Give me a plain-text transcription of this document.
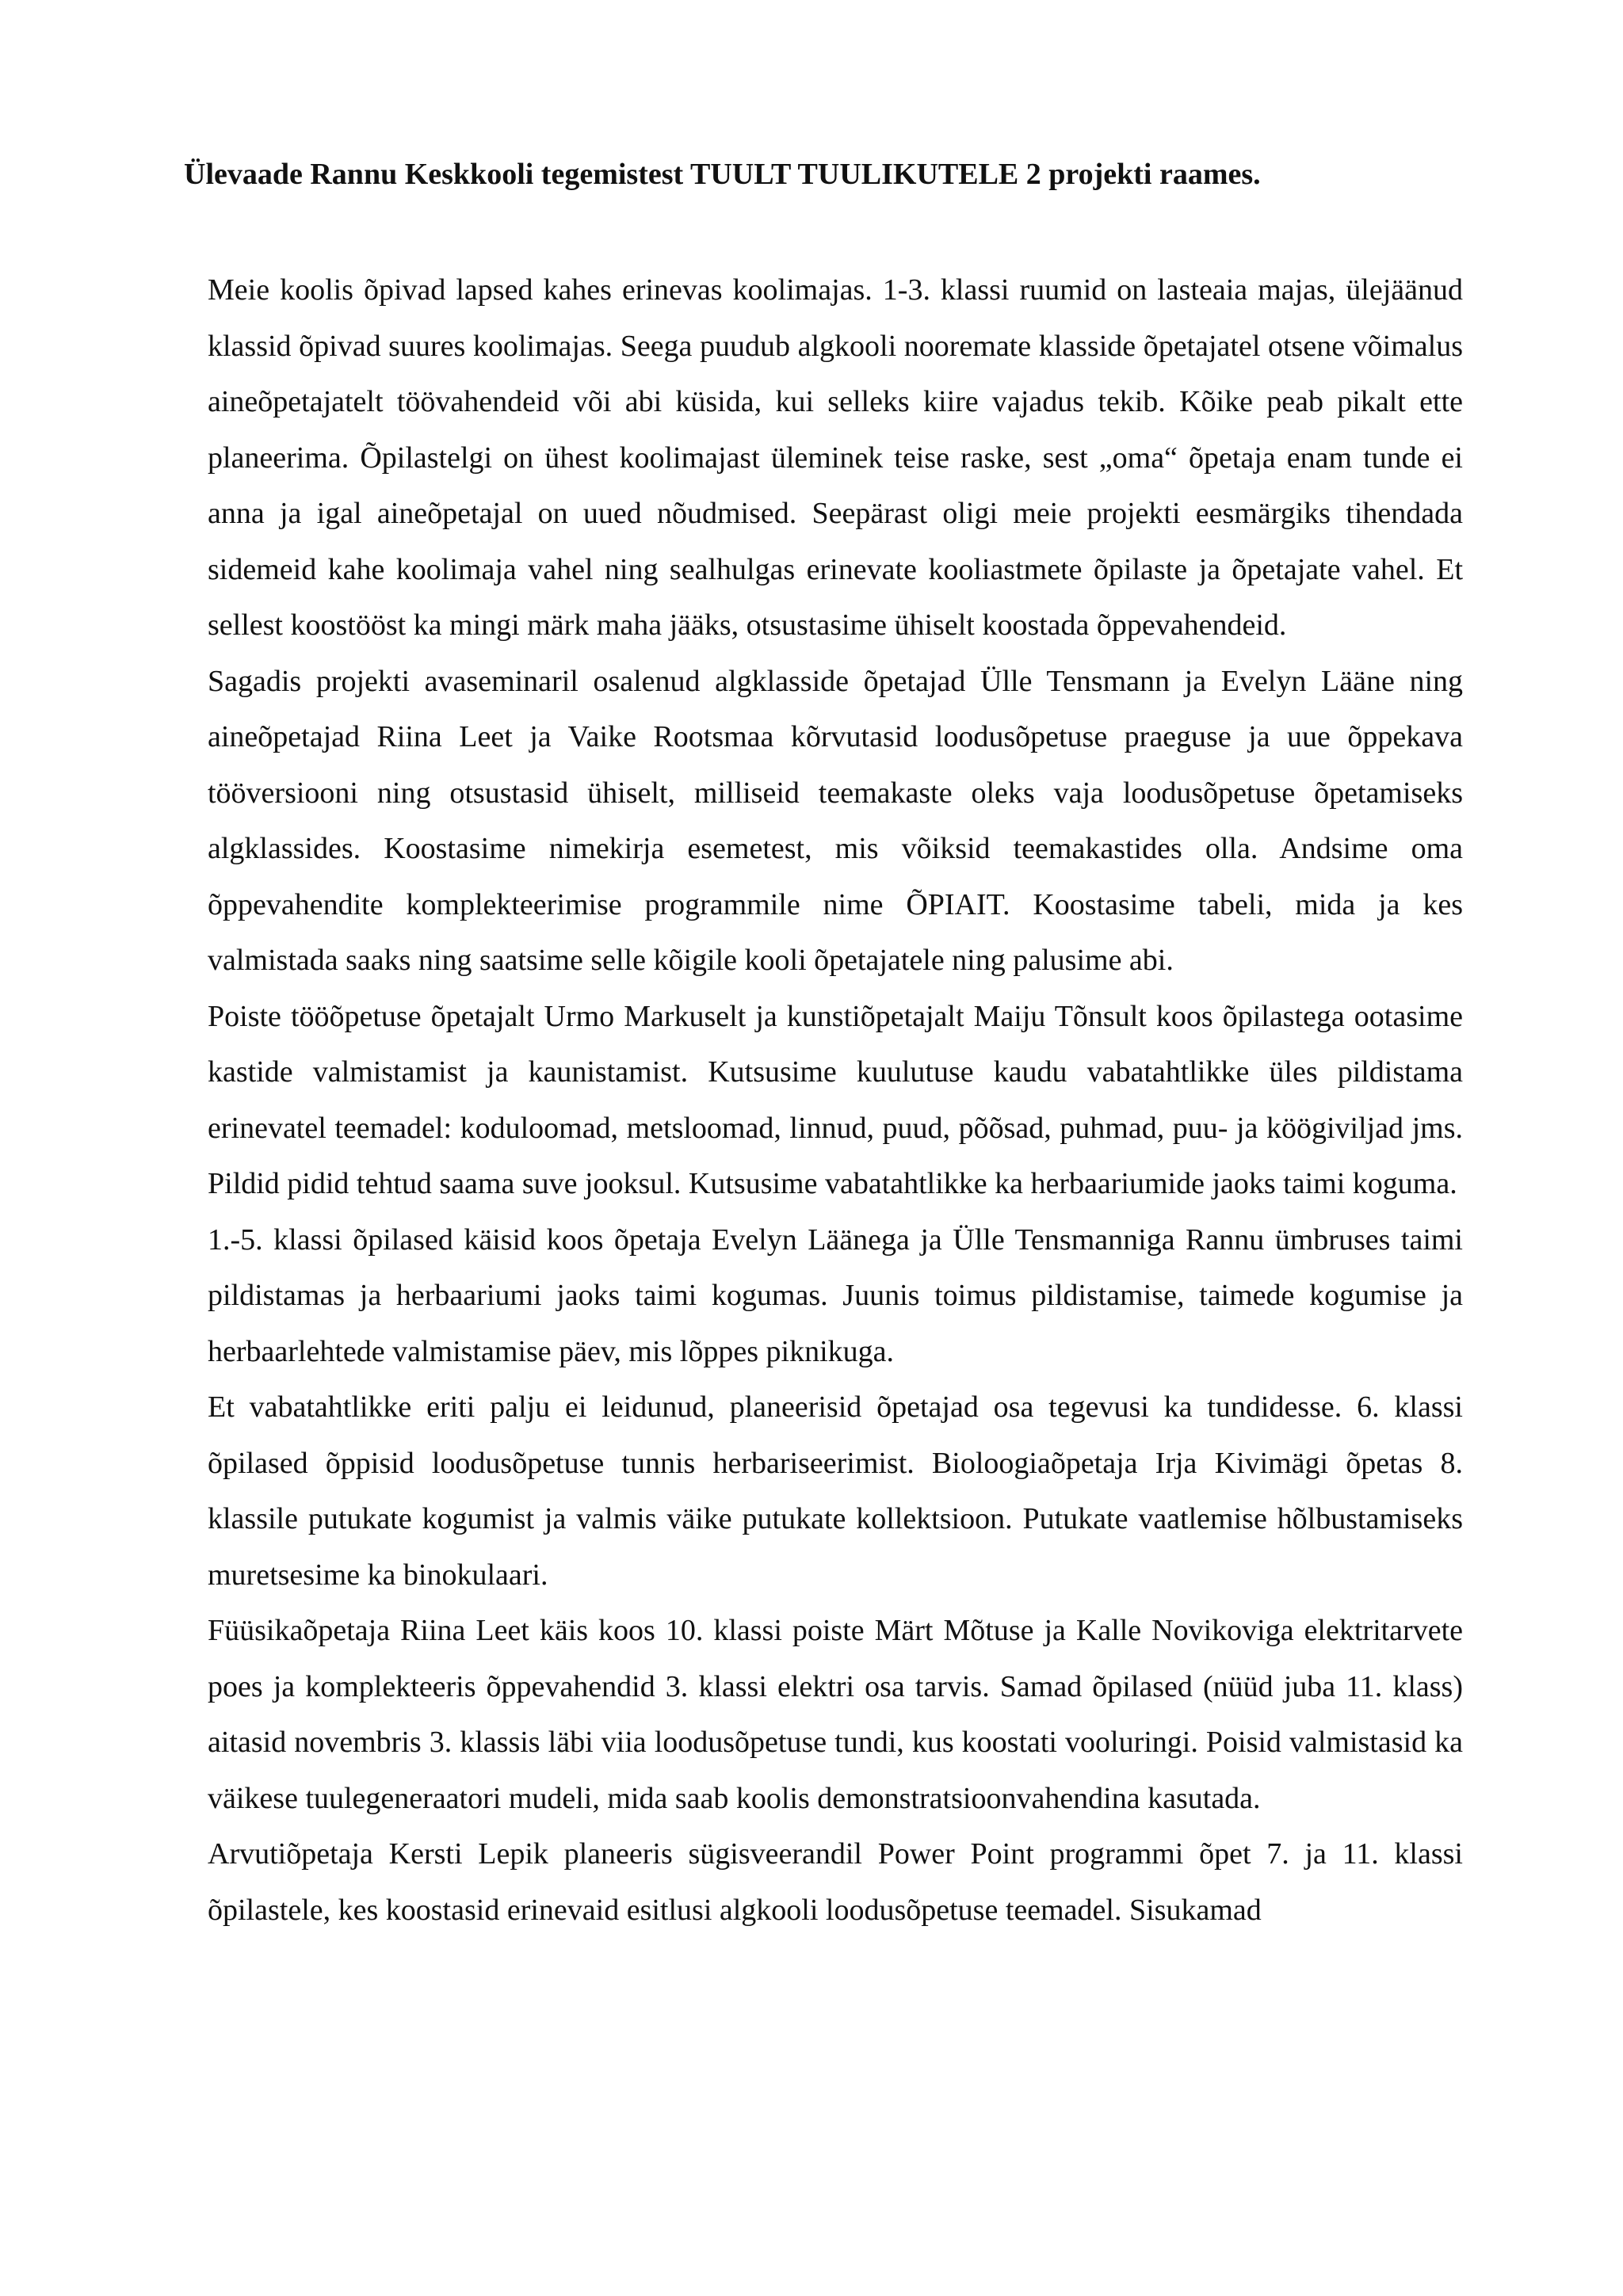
Ülevaade Rannu Keskkooli tegemistest TUULT TUULIKUTELE 2 projekti raames.

Meie koolis õpivad lapsed kahes erinevas koolimajas. 1-3. klassi ruumid on lasteaia majas, ülejäänud klassid õpivad suures koolimajas. Seega puudub algkooli nooremate klasside õpetajatel otsene võimalus aineõpetajatelt töövahendeid või abi küsida, kui selleks kiire vajadus tekib. Kõike peab pikalt ette planeerima. Õpilastelgi on ühest koolimajast üleminek teise raske, sest „oma“ õpetaja enam tunde ei anna ja igal aineõpetajal on uued nõudmised. Seepärast oligi meie projekti eesmärgiks tihendada sidemeid kahe koolimaja vahel ning sealhulgas erinevate kooliastmete õpilaste ja õpetajate vahel. Et sellest koostööst ka mingi märk maha jääks, otsustasime ühiselt koostada õppevahendeid.

Sagadis projekti avaseminaril osalenud algklasside õpetajad Ülle Tensmann ja Evelyn Lääne ning aineõpetajad Riina Leet ja Vaike Rootsmaa kõrvutasid loodusõpetuse praeguse ja uue õppekava tööversiooni ning otsustasid ühiselt, milliseid teemakaste oleks vaja loodusõpetuse õpetamiseks algklassides. Koostasime nimekirja esemetest, mis võiksid teemakastides olla. Andsime oma õppevahendite komplekteerimise programmile nime ÕPIAIT. Koostasime tabeli, mida ja kes valmistada saaks ning saatsime selle kõigile kooli õpetajatele ning palusime abi.

Poiste tööõpetuse õpetajalt Urmo Markuselt ja kunstiõpetajalt Maiju Tõnsult koos õpilastega ootasime kastide valmistamist ja kaunistamist. Kutsusime kuulutuse kaudu vabatahtlikke üles pildistama erinevatel teemadel: koduloomad, metsloomad, linnud, puud, põõsad, puhmad, puu- ja köögiviljad jms. Pildid pidid tehtud saama suve jooksul. Kutsusime vabatahtlikke ka herbaariumide jaoks taimi koguma.

1.-5. klassi õpilased käisid koos õpetaja Evelyn Läänega ja Ülle Tensmanniga Rannu ümbruses taimi pildistamas ja herbaariumi jaoks taimi kogumas. Juunis toimus pildistamise, taimede kogumise ja herbaarlehtede valmistamise päev, mis lõppes piknikuga.

Et vabatahtlikke eriti palju ei leidunud, planeerisid õpetajad osa tegevusi ka tundidesse. 6. klassi õpilased õppisid loodusõpetuse tunnis herbariseerimist. Bioloogiaõpetaja Irja Kivimägi õpetas 8. klassile putukate kogumist ja valmis väike putukate kollektsioon. Putukate vaatlemise hõlbustamiseks muretsesime ka binokulaari.

Füüsikaõpetaja Riina Leet käis koos 10. klassi poiste Märt Mõtuse ja Kalle Novikoviga elektritarvete poes ja komplekteeris õppevahendid 3. klassi elektri osa tarvis. Samad õpilased (nüüd juba 11. klass) aitasid novembris 3. klassis läbi viia loodusõpetuse tundi, kus koostati vooluringi. Poisid valmistasid ka väikese tuulegeneraatori mudeli, mida saab koolis demonstratsioonvahendina kasutada.

Arvutiõpetaja Kersti Lepik planeeris sügisveerandil Power Point programmi õpet 7. ja 11. klassi õpilastele, kes koostasid erinevaid esitlusi algkooli loodusõpetuse teemadel. Sisukamad
